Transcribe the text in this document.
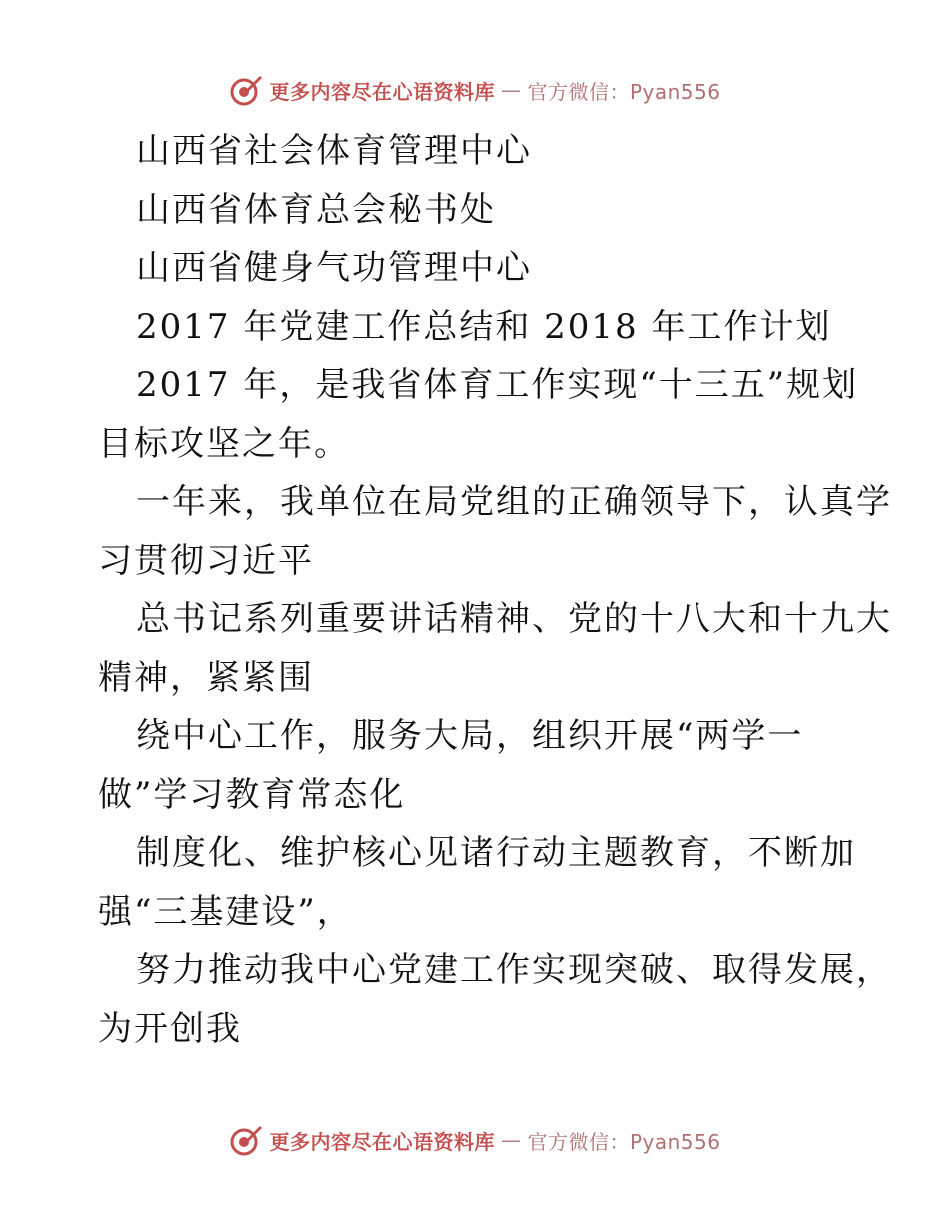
更多内容尽在心语资料库 — 官方微信：Pyan556
山西省社会体育管理中心
山西省体育总会秘书处
山西省健身气功管理中心
2017 年党建工作总结和 2018 年工作计划
2017 年，是我省体育工作实现“十三五”规划
目标攻坚之年。
一年来，我单位在局党组的正确领导下，认真学
习贯彻习近平
总书记系列重要讲话精神、党的十八大和十九大
精神，紧紧围
绕中心工作，服务大局，组织开展“两学一
做”学习教育常态化
制度化、维护核心见诸行动主题教育，不断加
强“三基建设”，
努力推动我中心党建工作实现突破、取得发展，
为开创我
更多内容尽在心语资料库 — 官方微信：Pyan556
